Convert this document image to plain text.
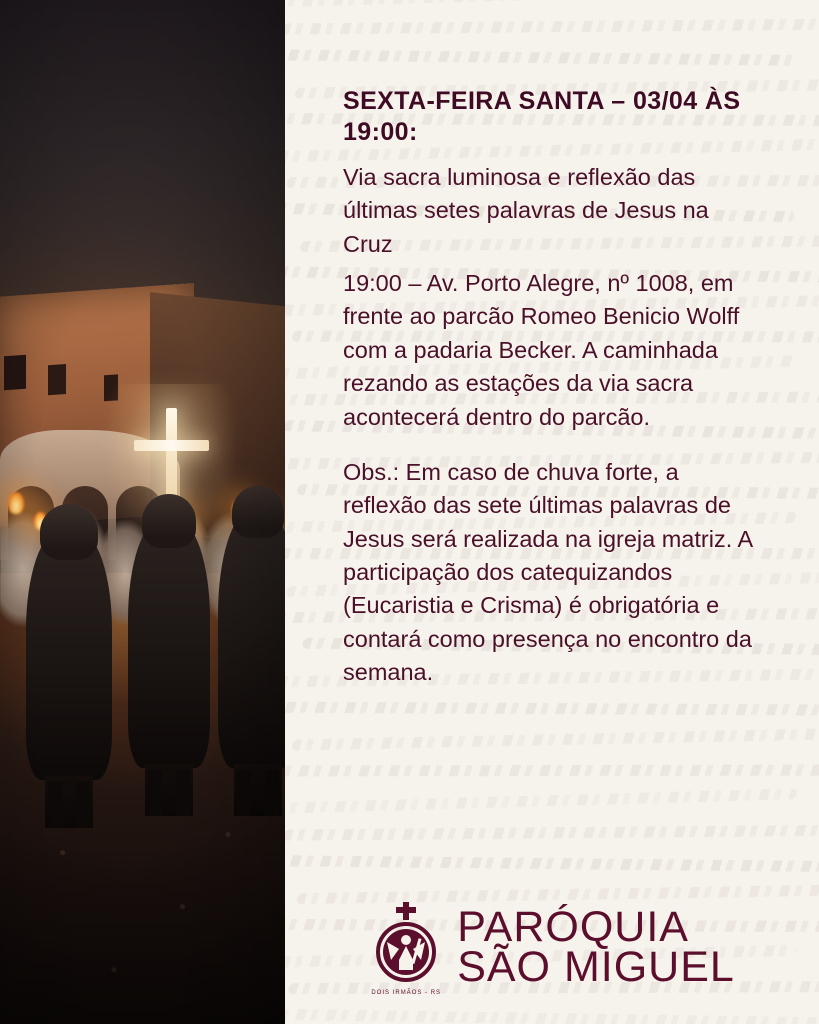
SEXTA-FEIRA SANTA – 03/04 ÀS 19:00:

Via sacra luminosa e reflexão das últimas setes palavras de Jesus na Cruz

19:00 – Av. Porto Alegre, nº 1008, em frente ao parcão Romeo Benicio Wolff com a padaria Becker. A caminhada rezando as estações da via sacra acontecerá dentro do parcão.

Obs.: Em caso de chuva forte, a reflexão das sete últimas palavras de Jesus será realizada na igreja matriz. A participação dos catequizandos (Eucaristia e Crisma) é obrigatória e contará como presença no encontro da semana.

DOIS IRMÃOS - RS
PARÓQUIA
SÃO MIGUEL
